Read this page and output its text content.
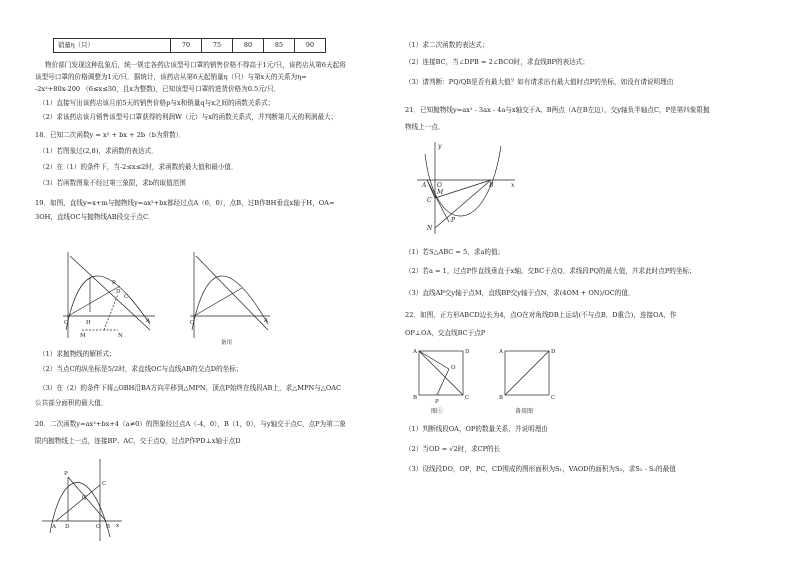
销量η（只）	70	75	80	85	90
物价部门发现这种乱象后，统一规定各药店该型号口罩的销售价格不得高于1元/只，该药店从第6天起将
该型号口罩的价格调整为1元/只．据统计，该药店从第6天起销量η（只）与第x天的关系为η=
-2x²+80x-200 （6≤x≤30，且x为整数)，已知该型号口罩的进货价格为0.5元/只．
（1）直接写出该药店该月前5天的销售价格p与x和销量q与x之间的函数关系式；
（2）求该药店该月销售该型号口罩获得的利润W（元）与x的函数关系式，并判断第几天的利润最大；
18．已知二次函数y = x² + bx + 2b（b为常数）．
（1）若图象过(2,8)，求函数的表达式．
（2）在（1）的条件下，当-2≤x≤2时，求函数的最大值和最小值．
（3）若函数图象不经过第三象限，求b的取值范围
19．如图，直线y=x+m与抛物线y=ax²+bx都经过点A（6，0），点B，过B作BH垂直x轴于H，OA=
3OH，直线OC与抛物线AB段交于点C．
O	H
D
P
C
A
M	N
O	A
备用
（1）求抛物线的解析式；
（2）当点C的纵坐标是5/2时，求直线OC与直线AB的交点D的坐标；
（3）在（2）的条件下将△OBH沿BA方向平移到△MPN，顶点P始终在线段AB上，求△MPN与△OAC
公共部分面积的最大值．
20．二次函数y=ax²+bx+4（a≠0）的图象经过点A（-4，0），B（1，0），与y轴交于点C，点P为第二象
限内抛物线上一点，连接BP、AC，交于点Q，过点P作PD⊥x轴于点D
A D	O B
P
Q
C
x
（1）求二次函数的表达式；
（2）连接BC，当∠DPB = 2∠BCO时，求直线BP的表达式；
（3）请判断：PQ/QB是否有最大值？如有请求出有最大值时点P的坐标，如没有请说明理由
21．已知抛物线y=ax² - 3ax - 4a与x轴交于A、B两点（A在B左边），交y轴负半轴点C，P是第四象限抛
物线上一点．
A O
M
C
B
P
N
x
y
（1）若S△ABC = 5，求a的值；
（2）若a = 1，过点P作直线垂直于x轴，交BC于点Q，求线段PQ的最大值，并求此时点P的坐标；
（3）直线AP交y轴于点M，直线BP交y轴于点N，求(4OM + ON)/OC的值．
22．如图，正方形ABCD边长为4，点O在对角线DB上运动(不与点B，D重合)，连接OA，作
OP⊥OA，交直线BC于点P
A	D
B	C
O
P
A	D
B	C
图①	备用图
（1）判断线段OA，OP的数量关系，并说明理由
（2）当OD = √2时，求CP的长
（3）设线段DO，OP，PC，CD围成的图形面积为S₁，VAOD的面积为S₂，求S₁ - S₂的最值
